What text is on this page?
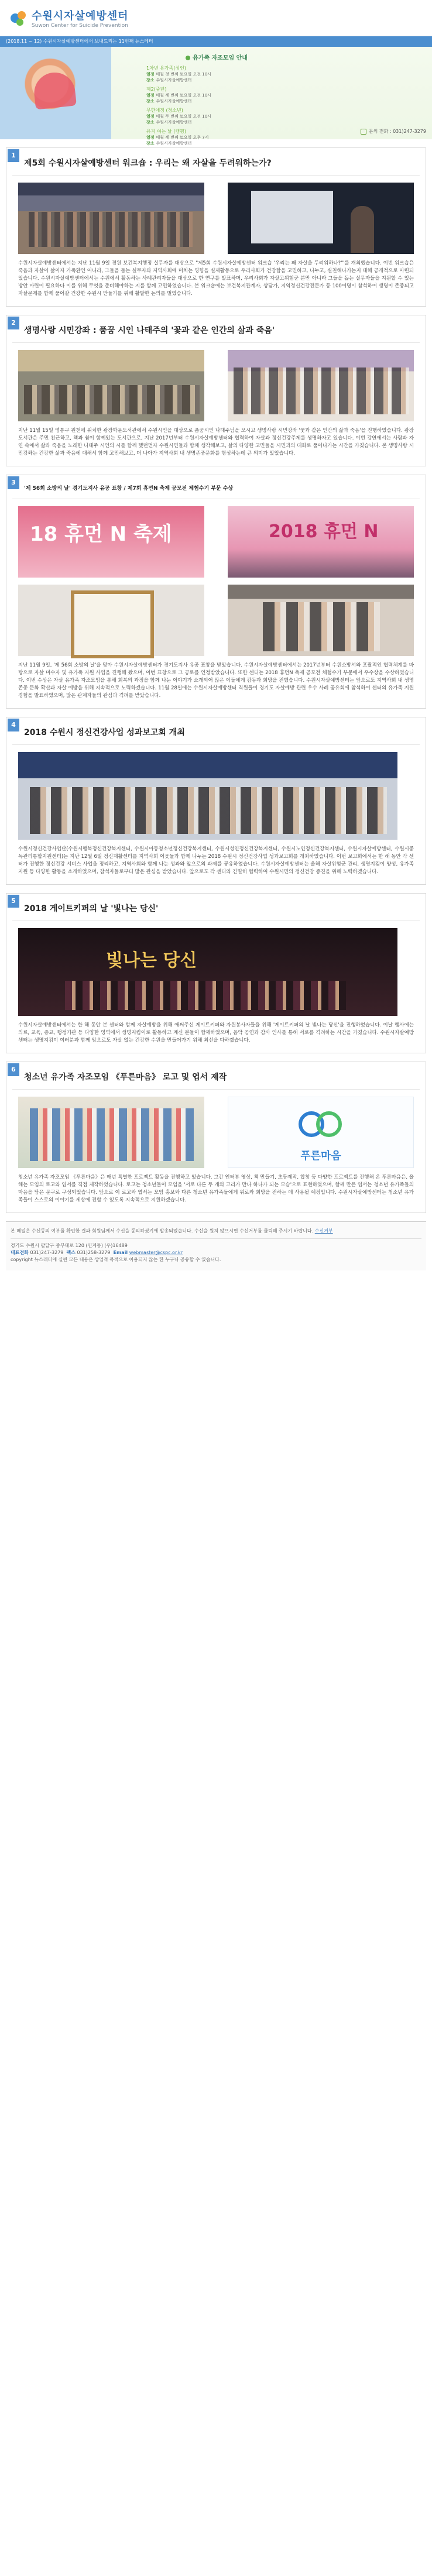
수원시자살예방센터
Suwon Center for Suicide Prevention
(2018.11 ~ 12) 수원시자살예방센터에서 보내드리는 11번째 뉴스레터
유가족 자조모임 안내
1차년 유가족(성인)
일정 매월 첫 번째 토요일 오전 10시
장소 수원시자살예방센터
제2(중년)
일정 매월 세 번째 토요일 오전 10시
장소 수원시자살예방센터
무한애정 (청소년)
일정 매월 두 번째 토요일 오전 10시
장소 수원시자살예방센터
유지 여는 날 (캠핑)
일정 매월 세 번째 토요일 오후 7시
장소 수원시자살예방센터
문의 전화 : 031)247-3279
1
제5회 수원시자살예방센터 워크숍 : 우리는 왜 자살을 두려워하는가?
수원시자살예방센터에서는 지난 11월 9일 경원 보건복지행정 실무자를 대상으로 "제5회 수원시자살예방센터 워크숍 '우리는 왜 자살을 두려워하나?'"를 개최했습니다. 이번 워크숍은 죽음과 자살이 삶이자 가족환인 어니라, 그들을 돕는 실무자와 지역사회에 미치는 영향을 실제활동으로 우리사회가 건강함을 고민하고, 나누고, 실천해나가는지 대해 공개적으로 마련되었습니다. 수원시자살예방센터에서는 수원에서 활동하는 사례관리자들을 대상으로 한 연구를 발표하며, 우리사회가 자살고위험군 분만 아니라 그들을 돕는 실무자들을 지원할 수 있는 방안 마련이 필요하다 이를 위해 무엇을 준비해야하는 지를 함께 고민하였습니다. 본 워크숍에는 보건복지관계자, 상담가, 지역정신건강전문가 등 100여명이 참석하여 생명이 존중되고 자살문제를 함께 풀어갈 건강한 수원시 만들기를 위해 활발한 논의를 벌였습니다.
2
생명사랑 시민강좌 : 품꿈 시인 나태주의 '꽃과 같은 인간의 삶과 죽음'
지난 11월 15일 영통구 원천에 위치한 광장학문도서관에서 수원시민을 대상으로 품꿈시인 나태주님을 모시고 생명사랑 시민강좌 '꽃과 같은 인간의 삶과 죽음'을 진행하였습니다. 광장도서관은 주민 친근하고, 책과 쉼이 함께있는 도서관으로, 지난 2017년부터 수원시자살예방센터와 협력하여 자살과 정신건강주제를 생명하자고 있습니다. 이번 강연에서는 사람과 자연 속에서 삶과 죽음을 노래한 나태주 시인의 시를 함께 했던먼자 수원시민들과 함께 생각해보고, 삶의 다양한 고민들을 시민과의 대화로 풀어나가는 시간을 가졌습니다. 본 생명사랑 시민강좌는 건강한 삶과 죽음에 대해서 함께 고민해보고, 더 나아가 지역사회 내 생명존중문화를 형성하는데 큰 의미가 있었습니다.
3
'제 56회 소방의 날' 경기도지사 유공 표창 / 제7회 휴먼N 축제 공모전 체험수기 부문 수상
18 휴먼 N 축제	2018 휴먼 N
지난 11월 9일, '제 56회 소방의 날'을 맞아 수원시자살예방센터가 경기도지사 유공 표창을 받았습니다. 수원시자살예방센터에서는 2017년부터 수원소방서와 포괄적인 협력체계를 바탕으로 자살 미수자 및 유가족 지원 사업을 진행해 왔으며, 이번 표창으로 그 공로를 인정받았습니다. 또한 센터는 2018 휴먼N 축제 공모전 체험수기 부문에서 우수상을 수상하였습니다. 이번 수상은 자살 유가족 자조모임을 통해 회복의 과정을 함께 나눈 이야기가 소개되어 많은 이들에게 감동과 희망을 전했습니다. 수원시자살예방센터는 앞으로도 지역사회 내 생명존중 문화 확산과 자살 예방을 위해 지속적으로 노력하겠습니다. 11월 28일에는 수원시자살예방센터 직원들이 경기도 자살예방 관련 우수 사례 공유회에 참석하여 센터의 유가족 지원 경험을 발표하였으며, 많은 관계자들의 관심과 격려를 받았습니다.
4
2018 수원시 정신건강사업 성과보고회 개최
수원시정신건강사업단(수원시행복정신건강복지센터, 수원시아동청소년정신건강복지센터, 수원시성인정신건강복지센터, 수원시노인정신건강복지센터, 수원시자살예방센터, 수원시중독관리통합지원센터)는 지난 12월 6일 정신재활센터를 지역사회 이웃들과 함께 나누는 2018 수원시 정신건강사업 성과보고회를 개최하였습니다. 이번 보고회에서는 한 해 동안 각 센터가 진행한 정신건강 서비스 사업을 정리하고, 지역사회와 함께 나눈 성과와 앞으로의 과제를 공유하였습니다. 수원시자살예방센터는 올해 자살위험군 관리, 생명지킴이 양성, 유가족 지원 등 다양한 활동을 소개하였으며, 참석자들로부터 많은 관심을 받았습니다. 앞으로도 각 센터와 긴밀히 협력하여 수원시민의 정신건강 증진을 위해 노력하겠습니다.
5
2018 게이트키퍼의 날 '빛나는 당신'
빛나는 당신
수원시자살예방센터에서는 한 해 동안 본 센터와 함께 자살예방을 위해 애써주신 게이트키퍼와 자원봉사자들을 위해 '게이트키퍼의 날 빛나는 당신'을 진행하였습니다. 이날 행사에는 의료, 교육, 종교, 행정기관 등 다양한 영역에서 생명지킴이로 활동하고 계신 분들이 함께하였으며, 음악 공연과 감사 인사를 통해 서로를 격려하는 시간을 가졌습니다. 수원시자살예방센터는 생명지킴이 여러분과 함께 앞으로도 자살 없는 건강한 수원을 만들어가기 위해 최선을 다하겠습니다.
6
청소년 유가족 자조모임 《푸른마음》 로고 및 엽서 제작
푸른마음
청소년 유가족 자조모임 《푸른마음》은 매년 특별한 프로젝트 활동을 진행하고 있습니다. 그간 인터뷰 영상, 책 만들기, 초등제작, 합창 등 다양한 프로젝트를 진행해 온 푸른마음은, 올해는 모임의 로고와 엽서를 직접 제작하였습니다. 로고는 청소년들이 모임을 '서로 다른 두 개의 고리가 만나 하나가 되는 모습'으로 표현하였으며, 함께 만든 엽서는 청소년 유가족들의 마음을 담은 문구로 구성되었습니다. 앞으로 이 로고와 엽서는 모임 홍보와 다른 청소년 유가족들에게 위로와 희망을 전하는 데 사용될 예정입니다. 수원시자살예방센터는 청소년 유가족들이 스스로의 이야기를 세상에 전할 수 있도록 지속적으로 지원하겠습니다.
본 메일은 수신동의 여부를 확인한 결과 회원님께서 수신을 동의하셨기에 발송되었습니다. 수신을 원치 않으시면 수신거부를 클릭해 주시기 바랍니다. 수신거부
경기도 수원시 팔달구 중부대로 120 (인계동) (우)16489
대표전화 031)247-3279 팩스 031)258-3279 Email webmaster@cspc.or.kr
copyright 뉴스레터에 실린 모든 내용은 상업적 목적으로 이용되지 않는 한 누구나 공유할 수 있습니다.
